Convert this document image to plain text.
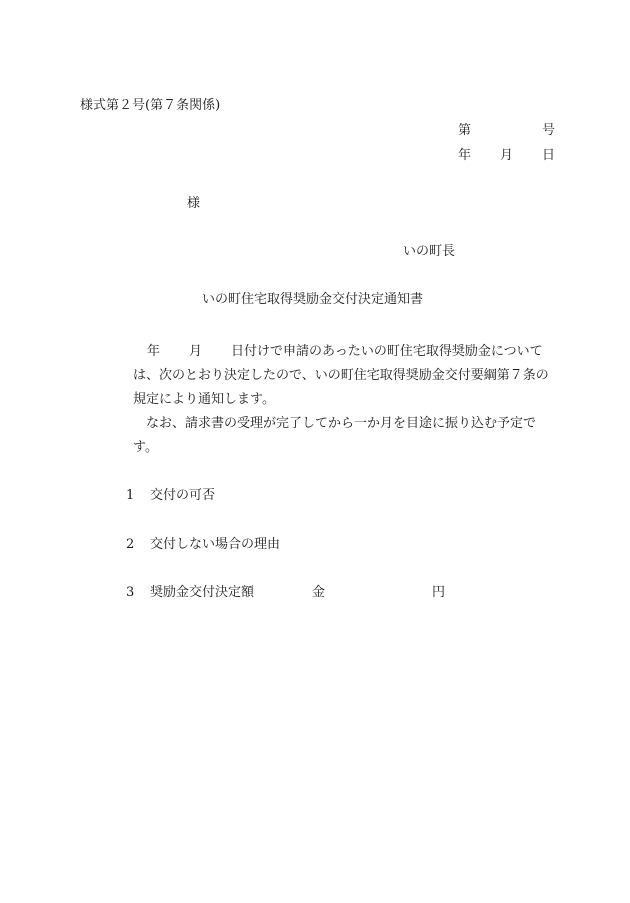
様式第２号(第７条関係)
第	号
年 月 日
様
いの町長
いの町住宅取得奨励金交付決定通知書
年 月 日付けで申請のあったいの町住宅取得奨励金について
は、次のとおり決定したので、いの町住宅取得奨励金交付要綱第７条の規定により通知します。
なお、請求書の受理が完了してから一か月を目途に振り込む予定です。
1 交付の可否
2 交付しない場合の理由
3 奨励金交付決定額	金	円
